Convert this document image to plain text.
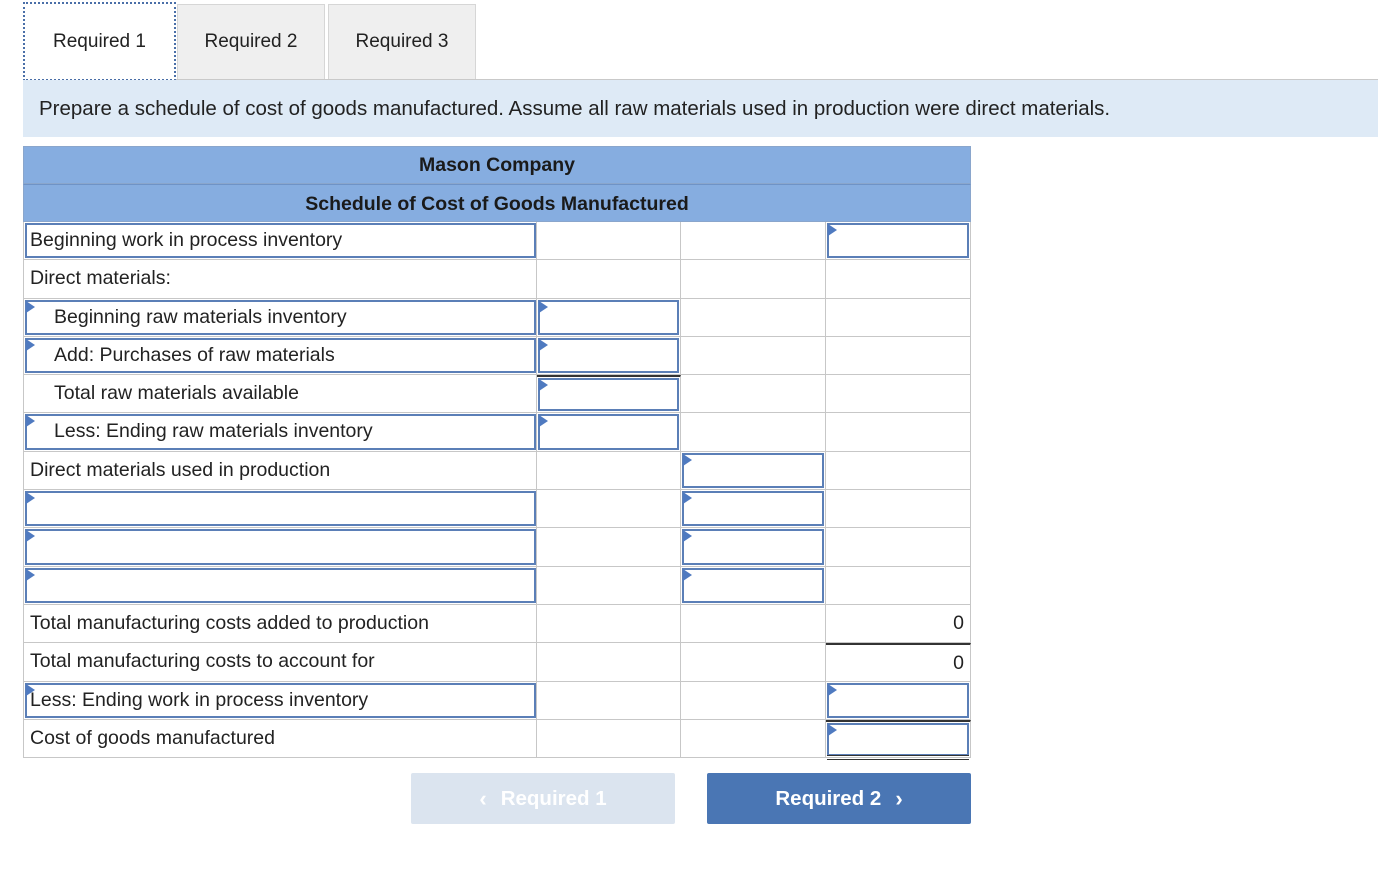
Required 1	Required 2	Required 3
Prepare a schedule of cost of goods manufactured. Assume all raw materials used in production were direct materials.
Mason Company
Schedule of Cost of Goods Manufactured
Beginning work in process inventory
Direct materials:
Beginning raw materials inventory
Add: Purchases of raw materials
Total raw materials available
Less: Ending raw materials inventory
Direct materials used in production
Total manufacturing costs added to production	0
Total manufacturing costs to account for	0
Less: Ending work in process inventory
Cost of goods manufactured
‹ Required 1	Required 2 ›
